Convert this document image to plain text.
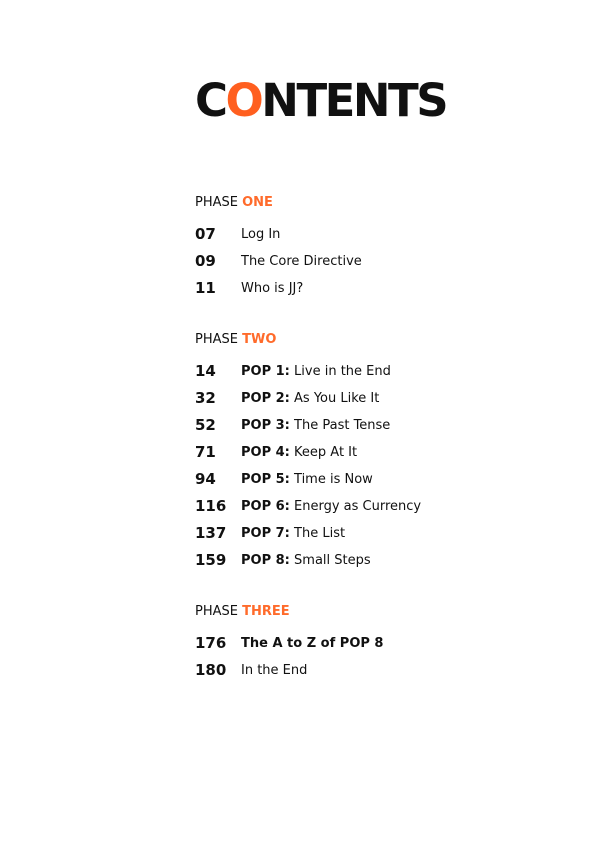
CONTENTS
PHASE ONE
07 Log In
09 The Core Directive
11 Who is JJ?
PHASE TWO
14 POP 1: Live in the End
32 POP 2: As You Like It
52 POP 3: The Past Tense
71 POP 4: Keep At It
94 POP 5: Time is Now
116 POP 6: Energy as Currency
137 POP 7: The List
159 POP 8: Small Steps
PHASE THREE
176 The A to Z of POP 8
180 In the End
